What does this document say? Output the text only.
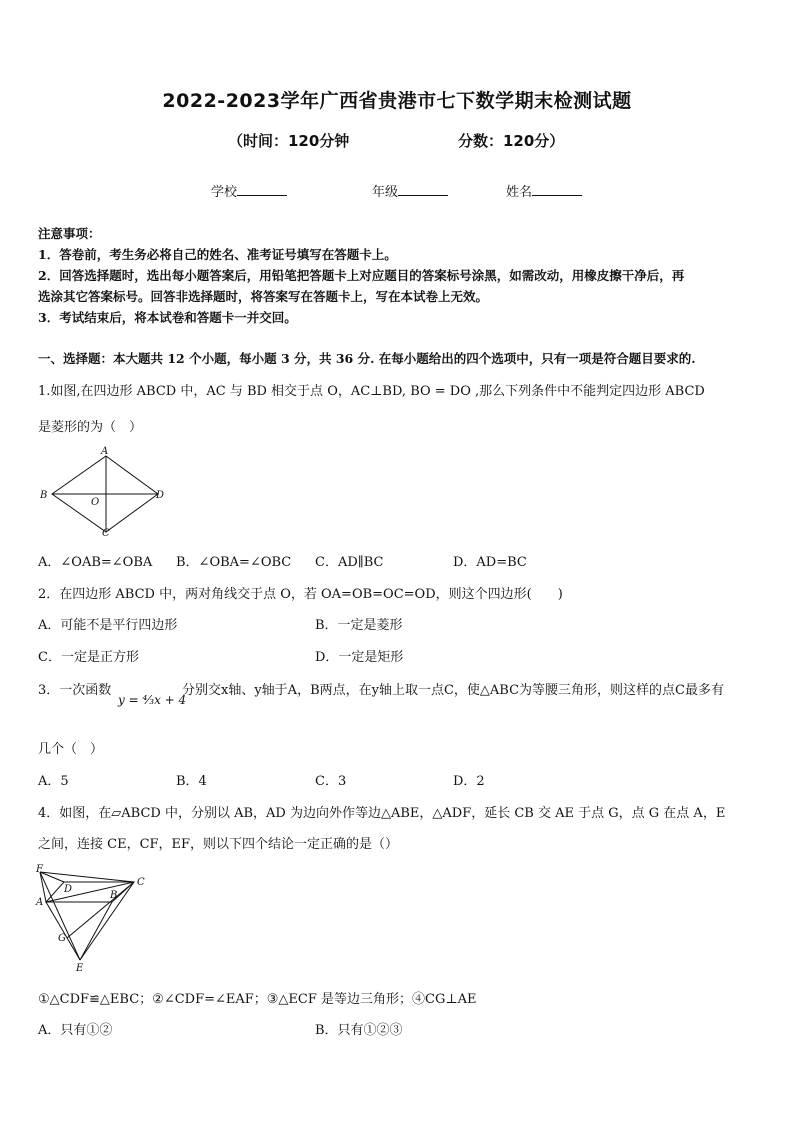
2022-2023学年广西省贵港市七下数学期末检测试题
（时间：120分钟	分数：120分）
学校	年级	姓名
注意事项：
1．答卷前，考生务必将自己的姓名、准考证号填写在答题卡上。
2．回答选择题时，选出每小题答案后，用铅笔把答题卡上对应题目的答案标号涂黑，如需改动，用橡皮擦干净后，再
选涂其它答案标号。回答非选择题时，将答案写在答题卡上，写在本试卷上无效。
3．考试结束后，将本试卷和答题卡一并交回。
一、选择题：本大题共 12 个小题，每小题 3 分，共 36 分. 在每小题给出的四个选项中，只有一项是符合题目要求的.
1.如图,在四边形 ABCD 中，AC 与 BD 相交于点 O，AC⊥BD, BO = DO ,那么下列条件中不能判定四边形 ABCD
是菱形的为（　）
A
B
O
D
C
A．∠OAB=∠OBA B．∠OBA=∠OBC C．AD∥BC	D．AD=BC
2．在四边形 ABCD 中，两对角线交于点 O，若 OA=OB=OC=OD，则这个四边形(　　)
A．可能不是平行四边形	B．一定是菱形
C．一定是正方形	D．一定是矩形
3．一次函数
y = ⁴⁄₃x + 4
分别交x轴、y轴于A，B两点，在y轴上取一点C，使△ABC为等腰三角形，则这样的点C最多有
几个（　）
A．5	B．4	C．3	D．2
4．如图，在▱ABCD 中，分别以 AB，AD 为边向外作等边△ABE，△ADF，延长 CB 交 AE 于点 G，点 G 在点 A，E
之间，连接 CE，CF，EF，则以下四个结论一定正确的是（）
F
D
C
A
B
G
E
①△CDF≌△EBC；②∠CDF=∠EAF；③△ECF 是等边三角形；④CG⊥AE
A．只有①②	B．只有①②③
